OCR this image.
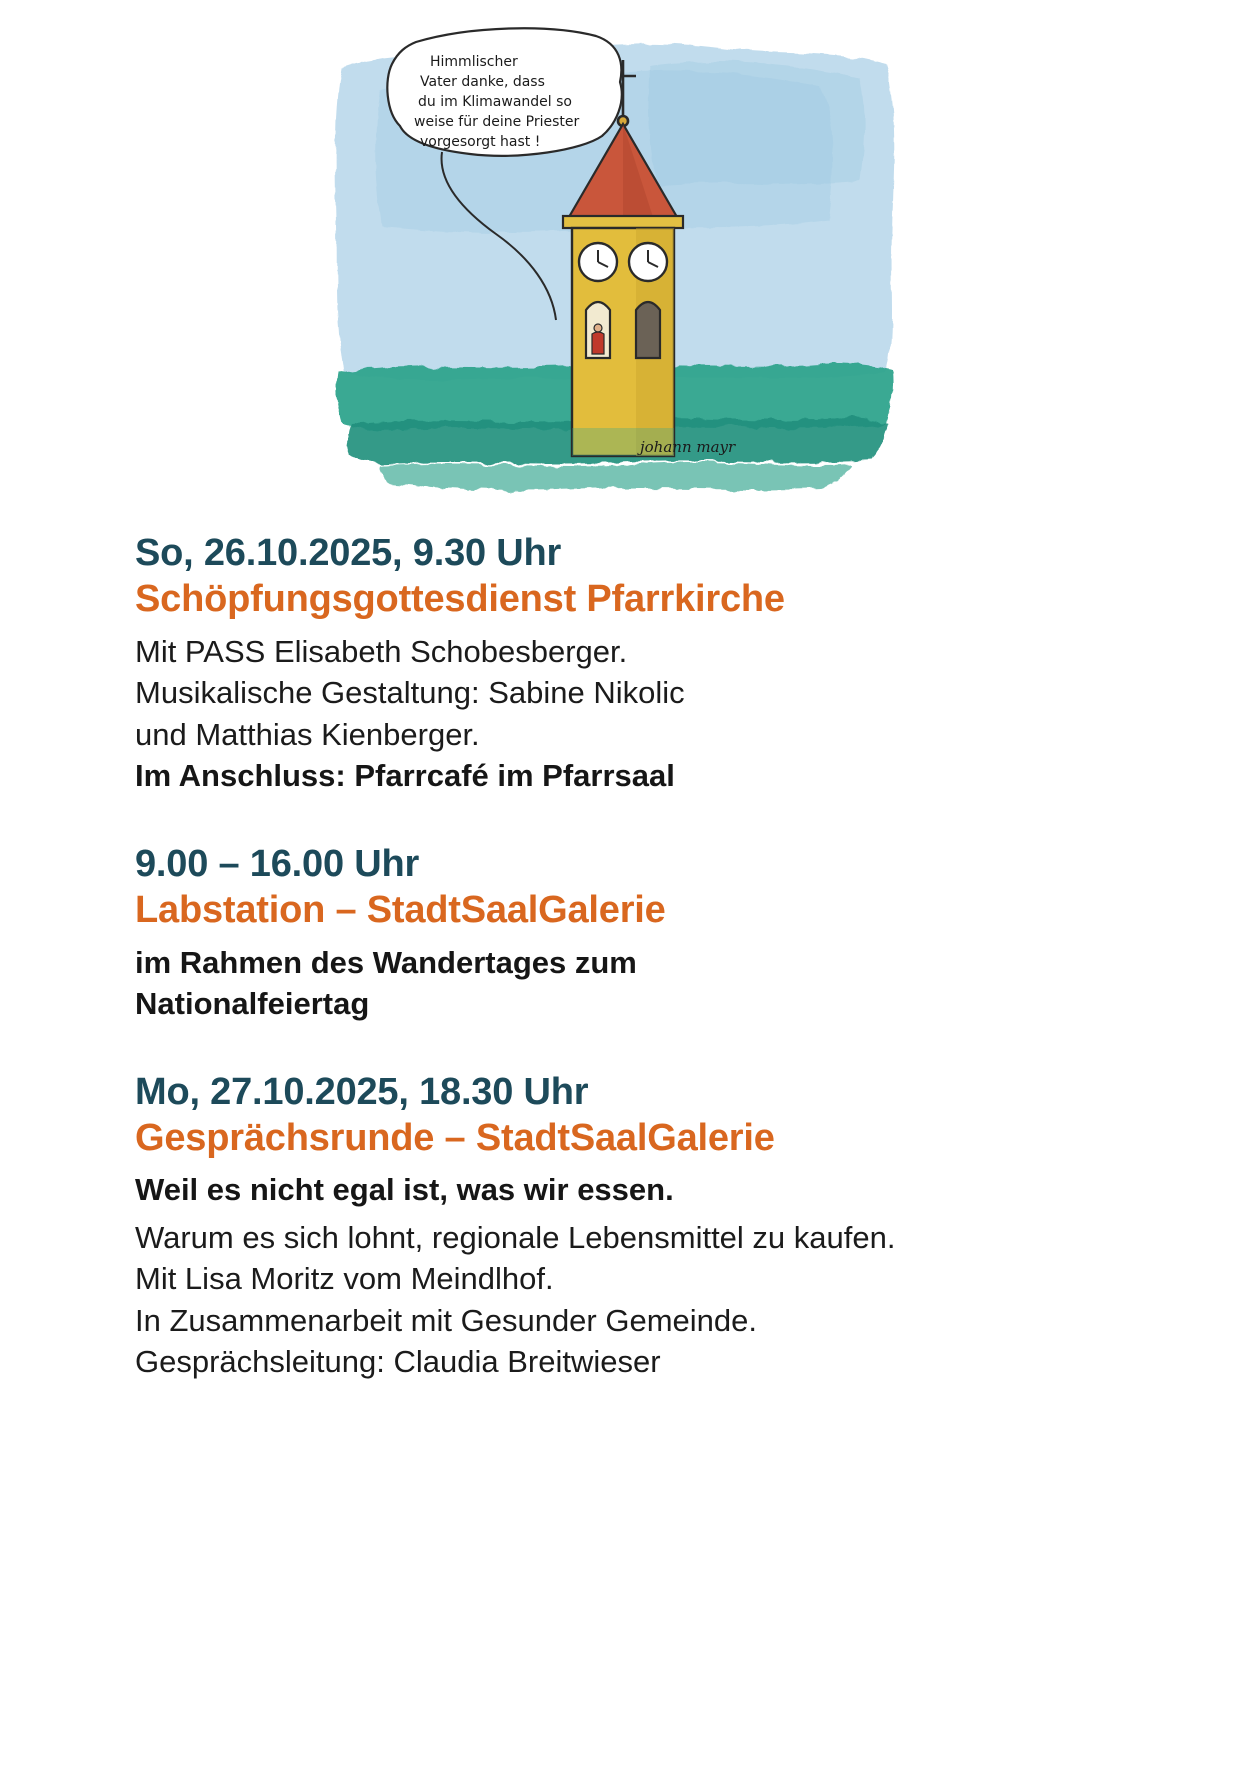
Himmlischer
Vater danke, dass
du im Klimawandel so
weise für deine Priester
vorgesorgt hast !
johann mayr
So, 26.10.2025, 9.30 Uhr
Schöpfungsgottesdienst Pfarrkirche
Mit PASS Elisabeth Schobesberger.
Musikalische Gestaltung: Sabine Nikolic
und Matthias Kienberger.
Im Anschluss: Pfarrcafé im Pfarrsaal
9.00 – 16.00 Uhr
Labstation – StadtSaalGalerie
im Rahmen des Wandertages zum
Nationalfeiertag
Mo, 27.10.2025, 18.30 Uhr
Gesprächsrunde – StadtSaalGalerie
Weil es nicht egal ist, was wir essen.
Warum es sich lohnt, regionale Lebensmittel zu kaufen.
Mit Lisa Moritz vom Meindlhof.
In Zusammenarbeit mit Gesunder Gemeinde.
Gesprächsleitung: Claudia Breitwieser
